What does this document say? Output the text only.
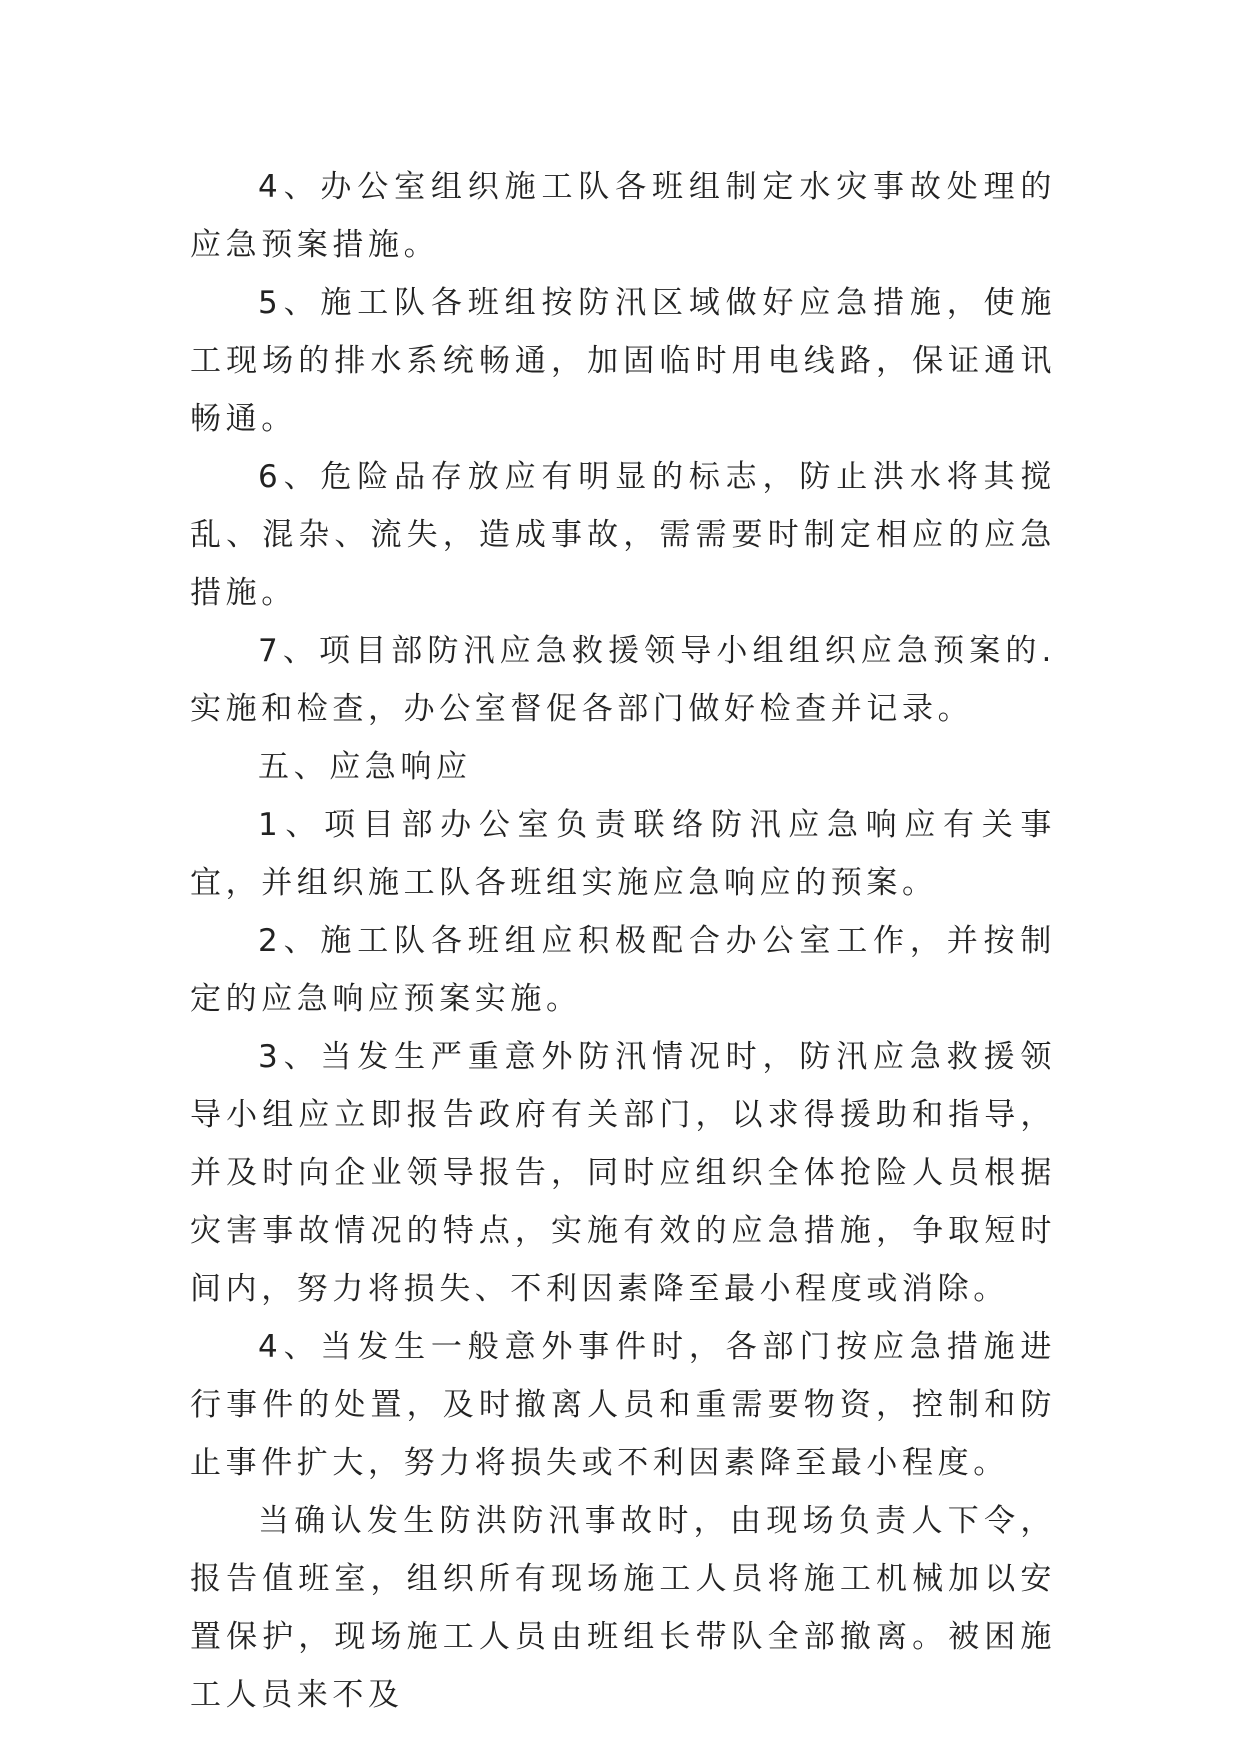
4、办公室组织施工队各班组制定水灾事故处理的应急预案措施。

5、施工队各班组按防汛区域做好应急措施，使施工现场的排水系统畅通，加固临时用电线路，保证通讯畅通。

6、危险品存放应有明显的标志，防止洪水将其搅乱、混杂、流失，造成事故，需需要时制定相应的应急措施。

7、项目部防汛应急救援领导小组组织应急预案的.实施和检查，办公室督促各部门做好检查并记录。

五、应急响应

1、项目部办公室负责联络防汛应急响应有关事宜，并组织施工队各班组实施应急响应的预案。

2、施工队各班组应积极配合办公室工作，并按制定的应急响应预案实施。

3、当发生严重意外防汛情况时，防汛应急救援领导小组应立即报告政府有关部门，以求得援助和指导，并及时向企业领导报告，同时应组织全体抢险人员根据灾害事故情况的特点，实施有效的应急措施，争取短时间内，努力将损失、不利因素降至最小程度或消除。

4、当发生一般意外事件时，各部门按应急措施进行事件的处置，及时撤离人员和重需要物资，控制和防止事件扩大，努力将损失或不利因素降至最小程度。

当确认发生防洪防汛事故时，由现场负责人下令，报告值班室，组织所有现场施工人员将施工机械加以安置保护，现场施工人员由班组长带队全部撤离。被困施工人员来不及
